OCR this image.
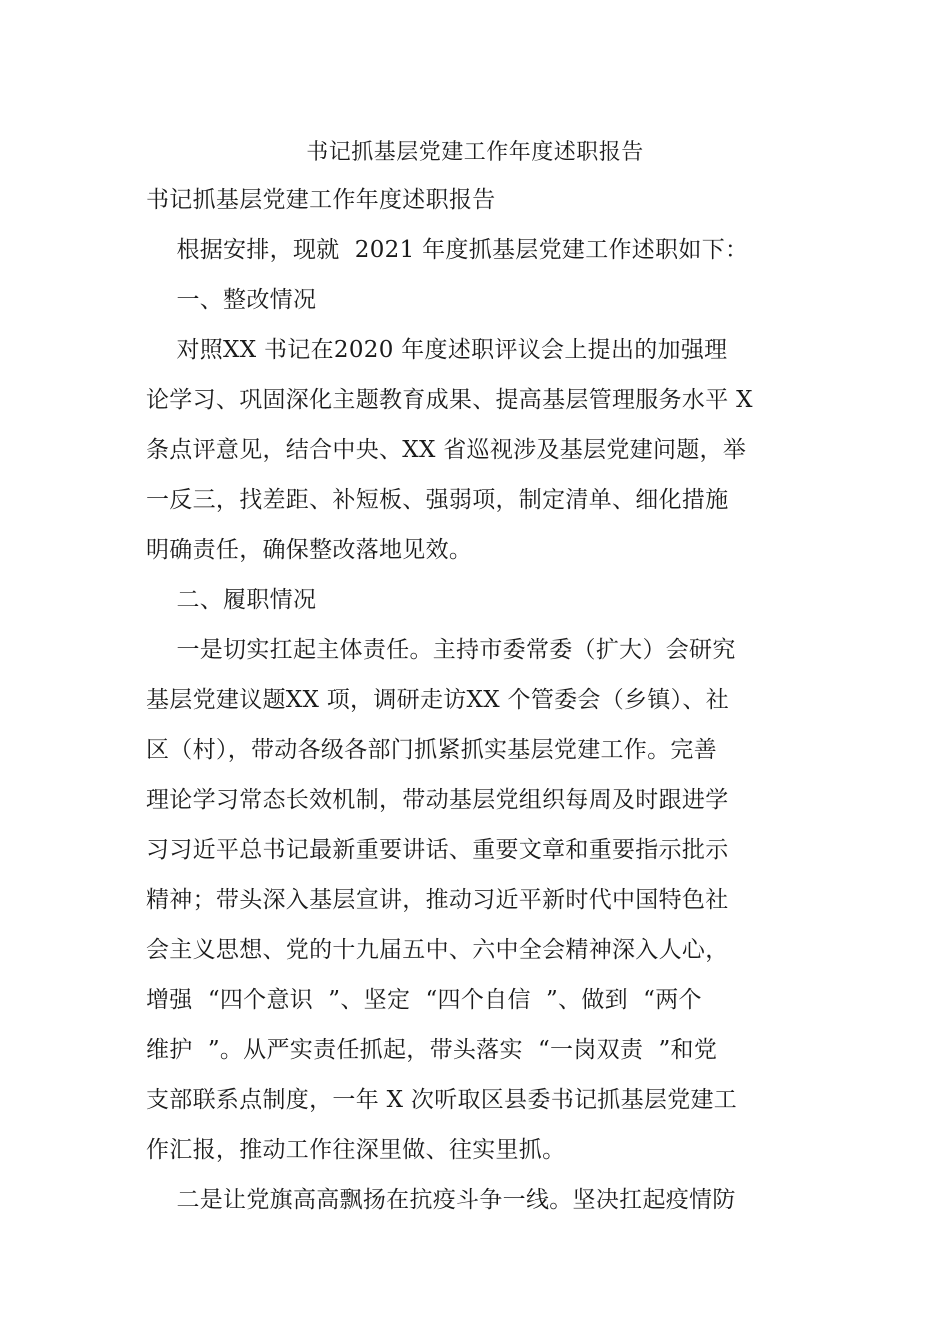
书记抓基层党建工作年度述职报告
书记抓基层党建工作年度述职报告
根据安排，现就  2021 年度抓基层党建工作述职如下：
一、整改情况
对照XX 书记在2020 年度述职评议会上提出的加强理
论学习、巩固深化主题教育成果、提高基层管理服务水平 X
条点评意见，结合中央、XX 省巡视涉及基层党建问题，举
一反三，找差距、补短板、强弱项，制定清单、细化措施
明确责任，确保整改落地见效。
二、履职情况
一是切实扛起主体责任。主持市委常委（扩大）会研究
基层党建议题XX 项，调研走访XX 个管委会（乡镇）、社
区（村），带动各级各部门抓紧抓实基层党建工作。完善
理论学习常态长效机制，带动基层党组织每周及时跟进学
习习近平总书记最新重要讲话、重要文章和重要指示批示
精神；带头深入基层宣讲，推动习近平新时代中国特色社
会主义思想、党的十九届五中、六中全会精神深入人心，
增强  “四个意识  ”、坚定  “四个自信  ”、做到  “两个
维护  ”。从严实责任抓起，带头落实  “一岗双责  ”和党
支部联系点制度，一年 X 次听取区县委书记抓基层党建工
作汇报，推动工作往深里做、往实里抓。
二是让党旗高高飘扬在抗疫斗争一线。坚决扛起疫情防
